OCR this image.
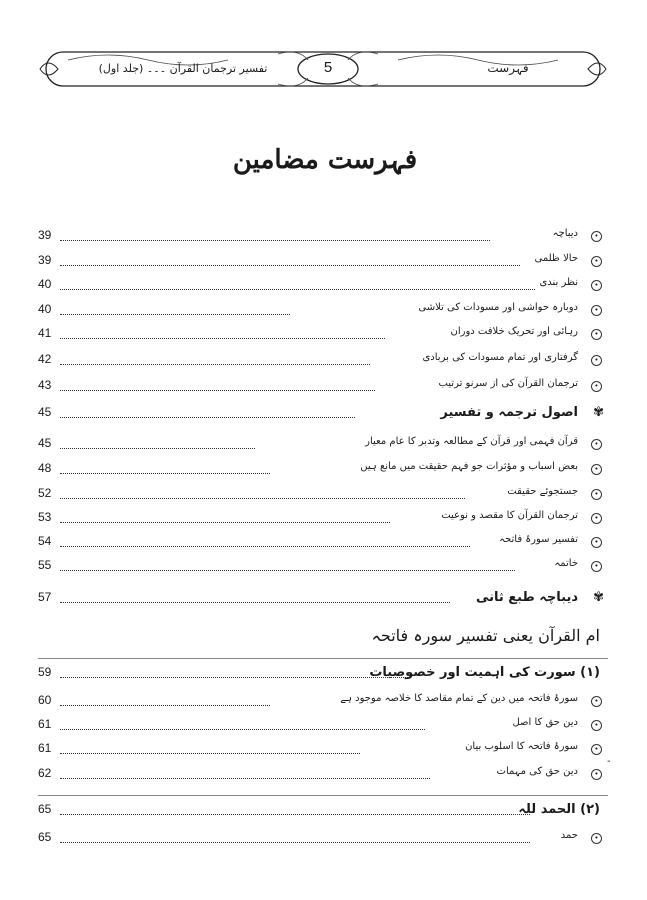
تفسیر ترجمان القرآن ۔۔۔ (جلد اول)	5	فہرست
فہرست مضامین
39	دیباچہ	•
39	حالا ظلمی	•
40	نظر بندی	•
40	دوبارہ حواشی اور مسودات کی تلاشی	•
41	رہائی اور تحریک خلافت دوران	•
42	گرفتاری اور تمام مسودات کی بربادی	•
43	ترجمان القرآن کی از سرنو ترتیب	•
45	اصول ترجمہ و تفسیر ✾
45	قرآن فہمی اور قرآن کے مطالعہ وتدبر کا عام معیار	•
48	بعض اسباب و مؤثرات جو فہم حقیقت میں مانع ہیں	•
52	جستجوئے حقیقت	•
53	ترجمان القرآن کا مقصد و نوعیت	•
54	تفسیر سورۂ فاتحہ	•
55	خاتمہ	•
57	دیباچہ طبع ثانی ✾
ام القرآن یعنی تفسیر سورہ فاتحہ
59	(۱) سورت کی اہمیت اور خصوصیات
60	سورۂ فاتحہ میں دین کے تمام مقاصد کا خلاصہ موجود ہے	•
61	دین حق کا اصل	•
61	سورۂ فاتحہ کا اسلوب بیان	•
62	دین حق کی مہمات	•
65	(۲) الحمد للہ
65	حمد	•
-
